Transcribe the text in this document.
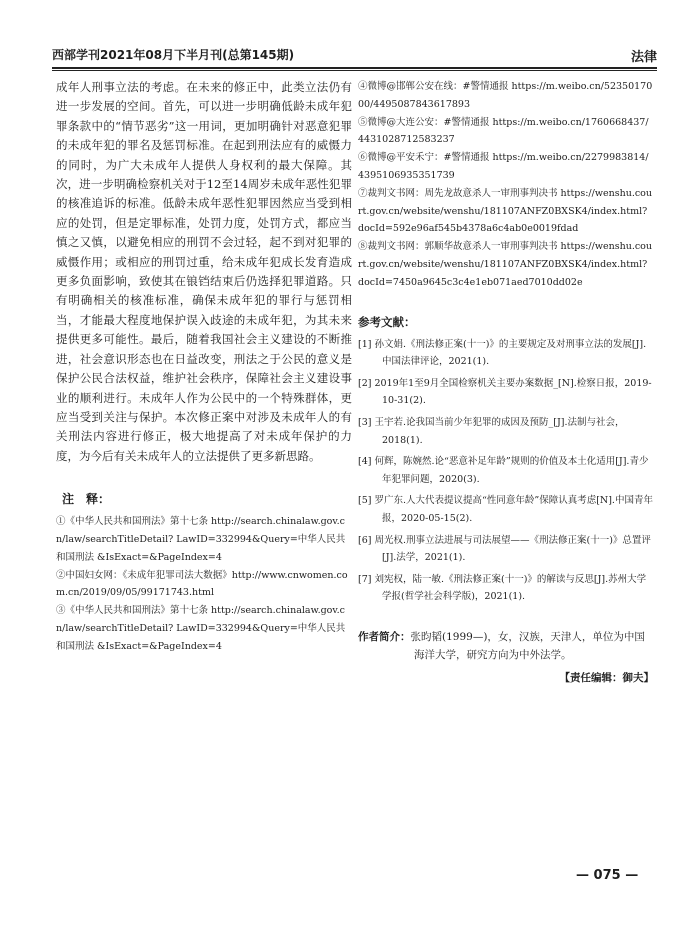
西部学刊2021年08月下半月刊(总第145期)	法律

成年人刑事立法的考虑。在未来的修正中，此类立法仍有进一步发展的空间。首先，可以进一步明确低龄未成年犯罪条款中的“情节恶劣”这一用词，更加明确针对恶意犯罪的未成年犯的罪名及惩罚标准。在起到刑法应有的威慑力的同时，为广大未成年人提供人身权利的最大保障。其次，进一步明确检察机关对于12至14周岁未成年恶性犯罪的核准追诉的标准。低龄未成年恶性犯罪因然应当受到相应的处罚，但是定罪标准，处罚力度，处罚方式，都应当慎之又慎，以避免相应的刑罚不会过轻，起不到对犯罪的威慑作用；或相应的刑罚过重，给未成年犯成长发育造成更多负面影响，致使其在锒铛结束后仍选择犯罪道路。只有明确相关的核准标准，确保未成年犯的罪行与惩罚相当，才能最大程度地保护误入歧途的未成年犯，为其未来提供更多可能性。最后，随着我国社会主义建设的不断推进，社会意识形态也在日益改变，刑法之于公民的意义是保护公民合法权益，维护社会秩序，保障社会主义建设事业的顺利进行。未成年人作为公民中的一个特殊群体，更应当受到关注与保护。本次修正案中对涉及未成年人的有关刑法内容进行修正，极大地提高了对未成年保护的力度，为今后有关未成年人的立法提供了更多新思路。

注　释：

①《中华人民共和国刑法》第十七条 http://search.chinalaw.gov.cn/law/searchTitleDetail? LawID=332994&Query=中华人民共和国刑法 &IsExact=&PageIndex=4

②中国妇女网：《未成年犯罪司法大数据》http://www.cnwomen.com.cn/2019/09/05/99171743.html

③《中华人民共和国刑法》第十七条 http://search.chinalaw.gov.cn/law/searchTitleDetail? LawID=332994&Query=中华人民共和国刑法 &IsExact=&PageIndex=4

④微博@邯郸公安在线：#警情通报 https://m.weibo.cn/5235017000/4495087843617893

⑤微博@大连公安：#警情通报 https://m.weibo.cn/1760668437/4431028712583237

⑥微博@平安禾宁：#警情通报 https://m.weibo.cn/2279983814/4395106935351739

⑦裁判文书网：周先龙故意杀人一审刑事判决书 https://wenshu.court.gov.cn/website/wenshu/181107ANFZ0BXSK4/index.html? docId=592e96af545b4378a6c4ab0e0019fdad

⑧裁判文书网：郭顺华故意杀人一审刑事判决书 https://wenshu.court.gov.cn/website/wenshu/181107ANFZ0BXSK4/index.html? docId=7450a9645c3c4e1eb071aed7010dd02e

参考文献：

[1] 孙文娟.《刑法修正案(十一)》的主要规定及对刑事立法的发展[J].中国法律评论，2021(1).

[2] 2019年1至9月全国检察机关主要办案数据_[N].检察日报，2019-10-31(2).

[3] 王宇若.论我国当前少年犯罪的成因及预防_[J].法制与社会，2018(1).

[4] 何辉，陈婉然.论“恶意补足年龄”规则的价值及本土化适用[J].青少年犯罪问题，2020(3).

[5] 罗广东.人大代表提议提高“性同意年龄”保障认真考虑[N].中国青年报，2020-05-15(2).

[6] 周光权.刑事立法进展与司法展望——《刑法修正案(十一)》总置评[J].法学，2021(1).

[7] 刘宪权，陆一敏.《刑法修正案(十一)》的解读与反思[J].苏州大学学报(哲学社会科学版)，2021(1).

作者简介：张昀韬(1999—)，女，汉族，天津人，单位为中国海洋大学，研究方向为中外法学。
【责任编辑：御夫】
— 075 —
